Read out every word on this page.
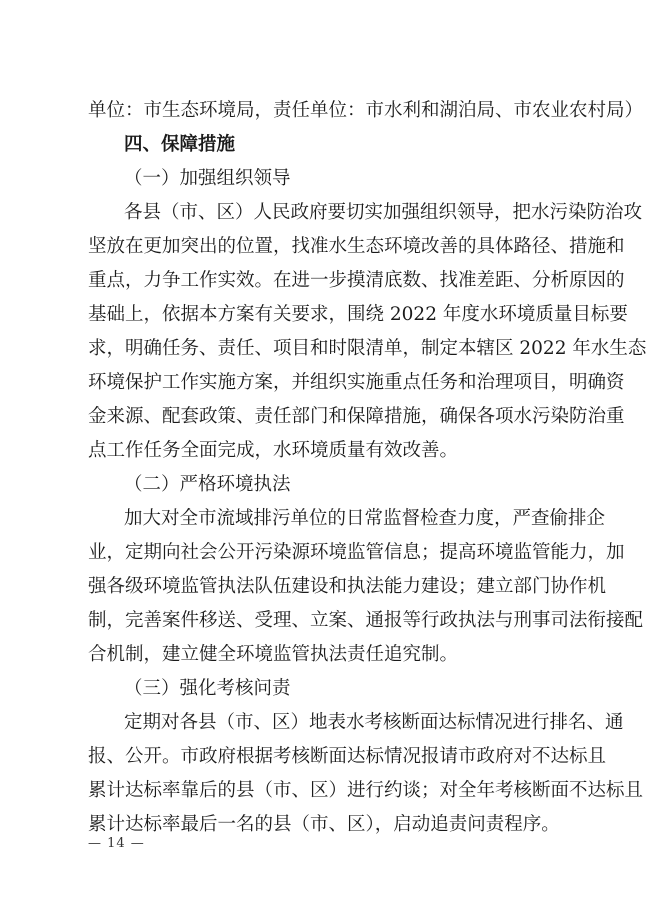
单位：市生态环境局，责任单位：市水利和湖泊局、市农业农村局）
四、保障措施
（一）加强组织领导
各县（市、区）人民政府要切实加强组织领导，把水污染防治攻
坚放在更加突出的位置，找准水生态环境改善的具体路径、措施和
重点，力争工作实效。在进一步摸清底数、找准差距、分析原因的
基础上，依据本方案有关要求，围绕 2022 年度水环境质量目标要
求，明确任务、责任、项目和时限清单，制定本辖区 2022 年水生态
环境保护工作实施方案，并组织实施重点任务和治理项目，明确资
金来源、配套政策、责任部门和保障措施，确保各项水污染防治重
点工作任务全面完成，水环境质量有效改善。
（二）严格环境执法
加大对全市流域排污单位的日常监督检查力度，严查偷排企
业，定期向社会公开污染源环境监管信息；提高环境监管能力，加
强各级环境监管执法队伍建设和执法能力建设；建立部门协作机
制，完善案件移送、受理、立案、通报等行政执法与刑事司法衔接配
合机制，建立健全环境监管执法责任追究制。
（三）强化考核问责
定期对各县（市、区）地表水考核断面达标情况进行排名、通
报、公开。市政府根据考核断面达标情况报请市政府对不达标且
累计达标率靠后的县（市、区）进行约谈；对全年考核断面不达标且
累计达标率最后一名的县（市、区），启动追责问责程序。
— 14 —
